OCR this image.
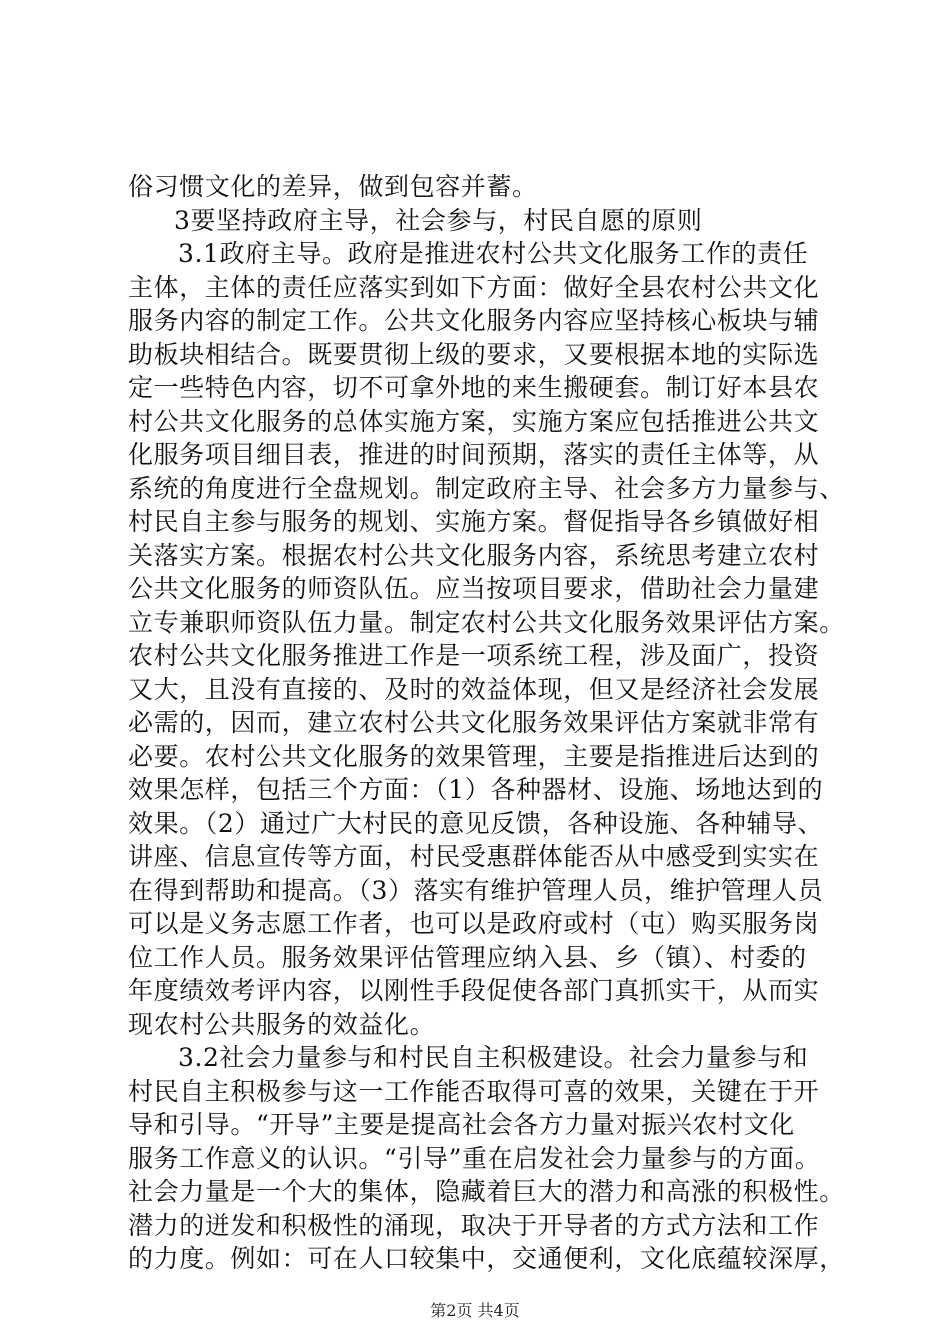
俗习惯文化的差异，做到包容并蓄。
3要坚持政府主导，社会参与，村民自愿的原则
3.1政府主导。政府是推进农村公共文化服务工作的责任
主体，主体的责任应落实到如下方面：做好全县农村公共文化
服务内容的制定工作。公共文化服务内容应坚持核心板块与辅
助板块相结合。既要贯彻上级的要求，又要根据本地的实际选
定一些特色内容，切不可拿外地的来生搬硬套。制订好本县农
村公共文化服务的总体实施方案，实施方案应包括推进公共文
化服务项目细目表，推进的时间预期，落实的责任主体等，从
系统的角度进行全盘规划。制定政府主导、社会多方力量参与、
村民自主参与服务的规划、实施方案。督促指导各乡镇做好相
关落实方案。根据农村公共文化服务内容，系统思考建立农村
公共文化服务的师资队伍。应当按项目要求，借助社会力量建
立专兼职师资队伍力量。制定农村公共文化服务效果评估方案。
农村公共文化服务推进工作是一项系统工程，涉及面广，投资
又大，且没有直接的、及时的效益体现，但又是经济社会发展
必需的，因而，建立农村公共文化服务效果评估方案就非常有
必要。农村公共文化服务的效果管理，主要是指推进后达到的
效果怎样，包括三个方面：（1）各种器材、设施、场地达到的
效果。（2）通过广大村民的意见反馈，各种设施、各种辅导、
讲座、信息宣传等方面，村民受惠群体能否从中感受到实实在
在得到帮助和提高。（3）落实有维护管理人员，维护管理人员
可以是义务志愿工作者，也可以是政府或村（屯）购买服务岗
位工作人员。服务效果评估管理应纳入县、乡（镇）、村委的
年度绩效考评内容，以刚性手段促使各部门真抓实干，从而实
现农村公共服务的效益化。
3.2社会力量参与和村民自主积极建设。社会力量参与和
村民自主积极参与这一工作能否取得可喜的效果，关键在于开
导和引导。“开导”主要是提高社会各方力量对振兴农村文化
服务工作意义的认识。“引导”重在启发社会力量参与的方面。
社会力量是一个大的集体，隐藏着巨大的潜力和高涨的积极性。
潜力的迸发和积极性的涌现，取决于开导者的方式方法和工作
的力度。例如：可在人口较集中，交通便利，文化底蕴较深厚，
第2页 共4页
